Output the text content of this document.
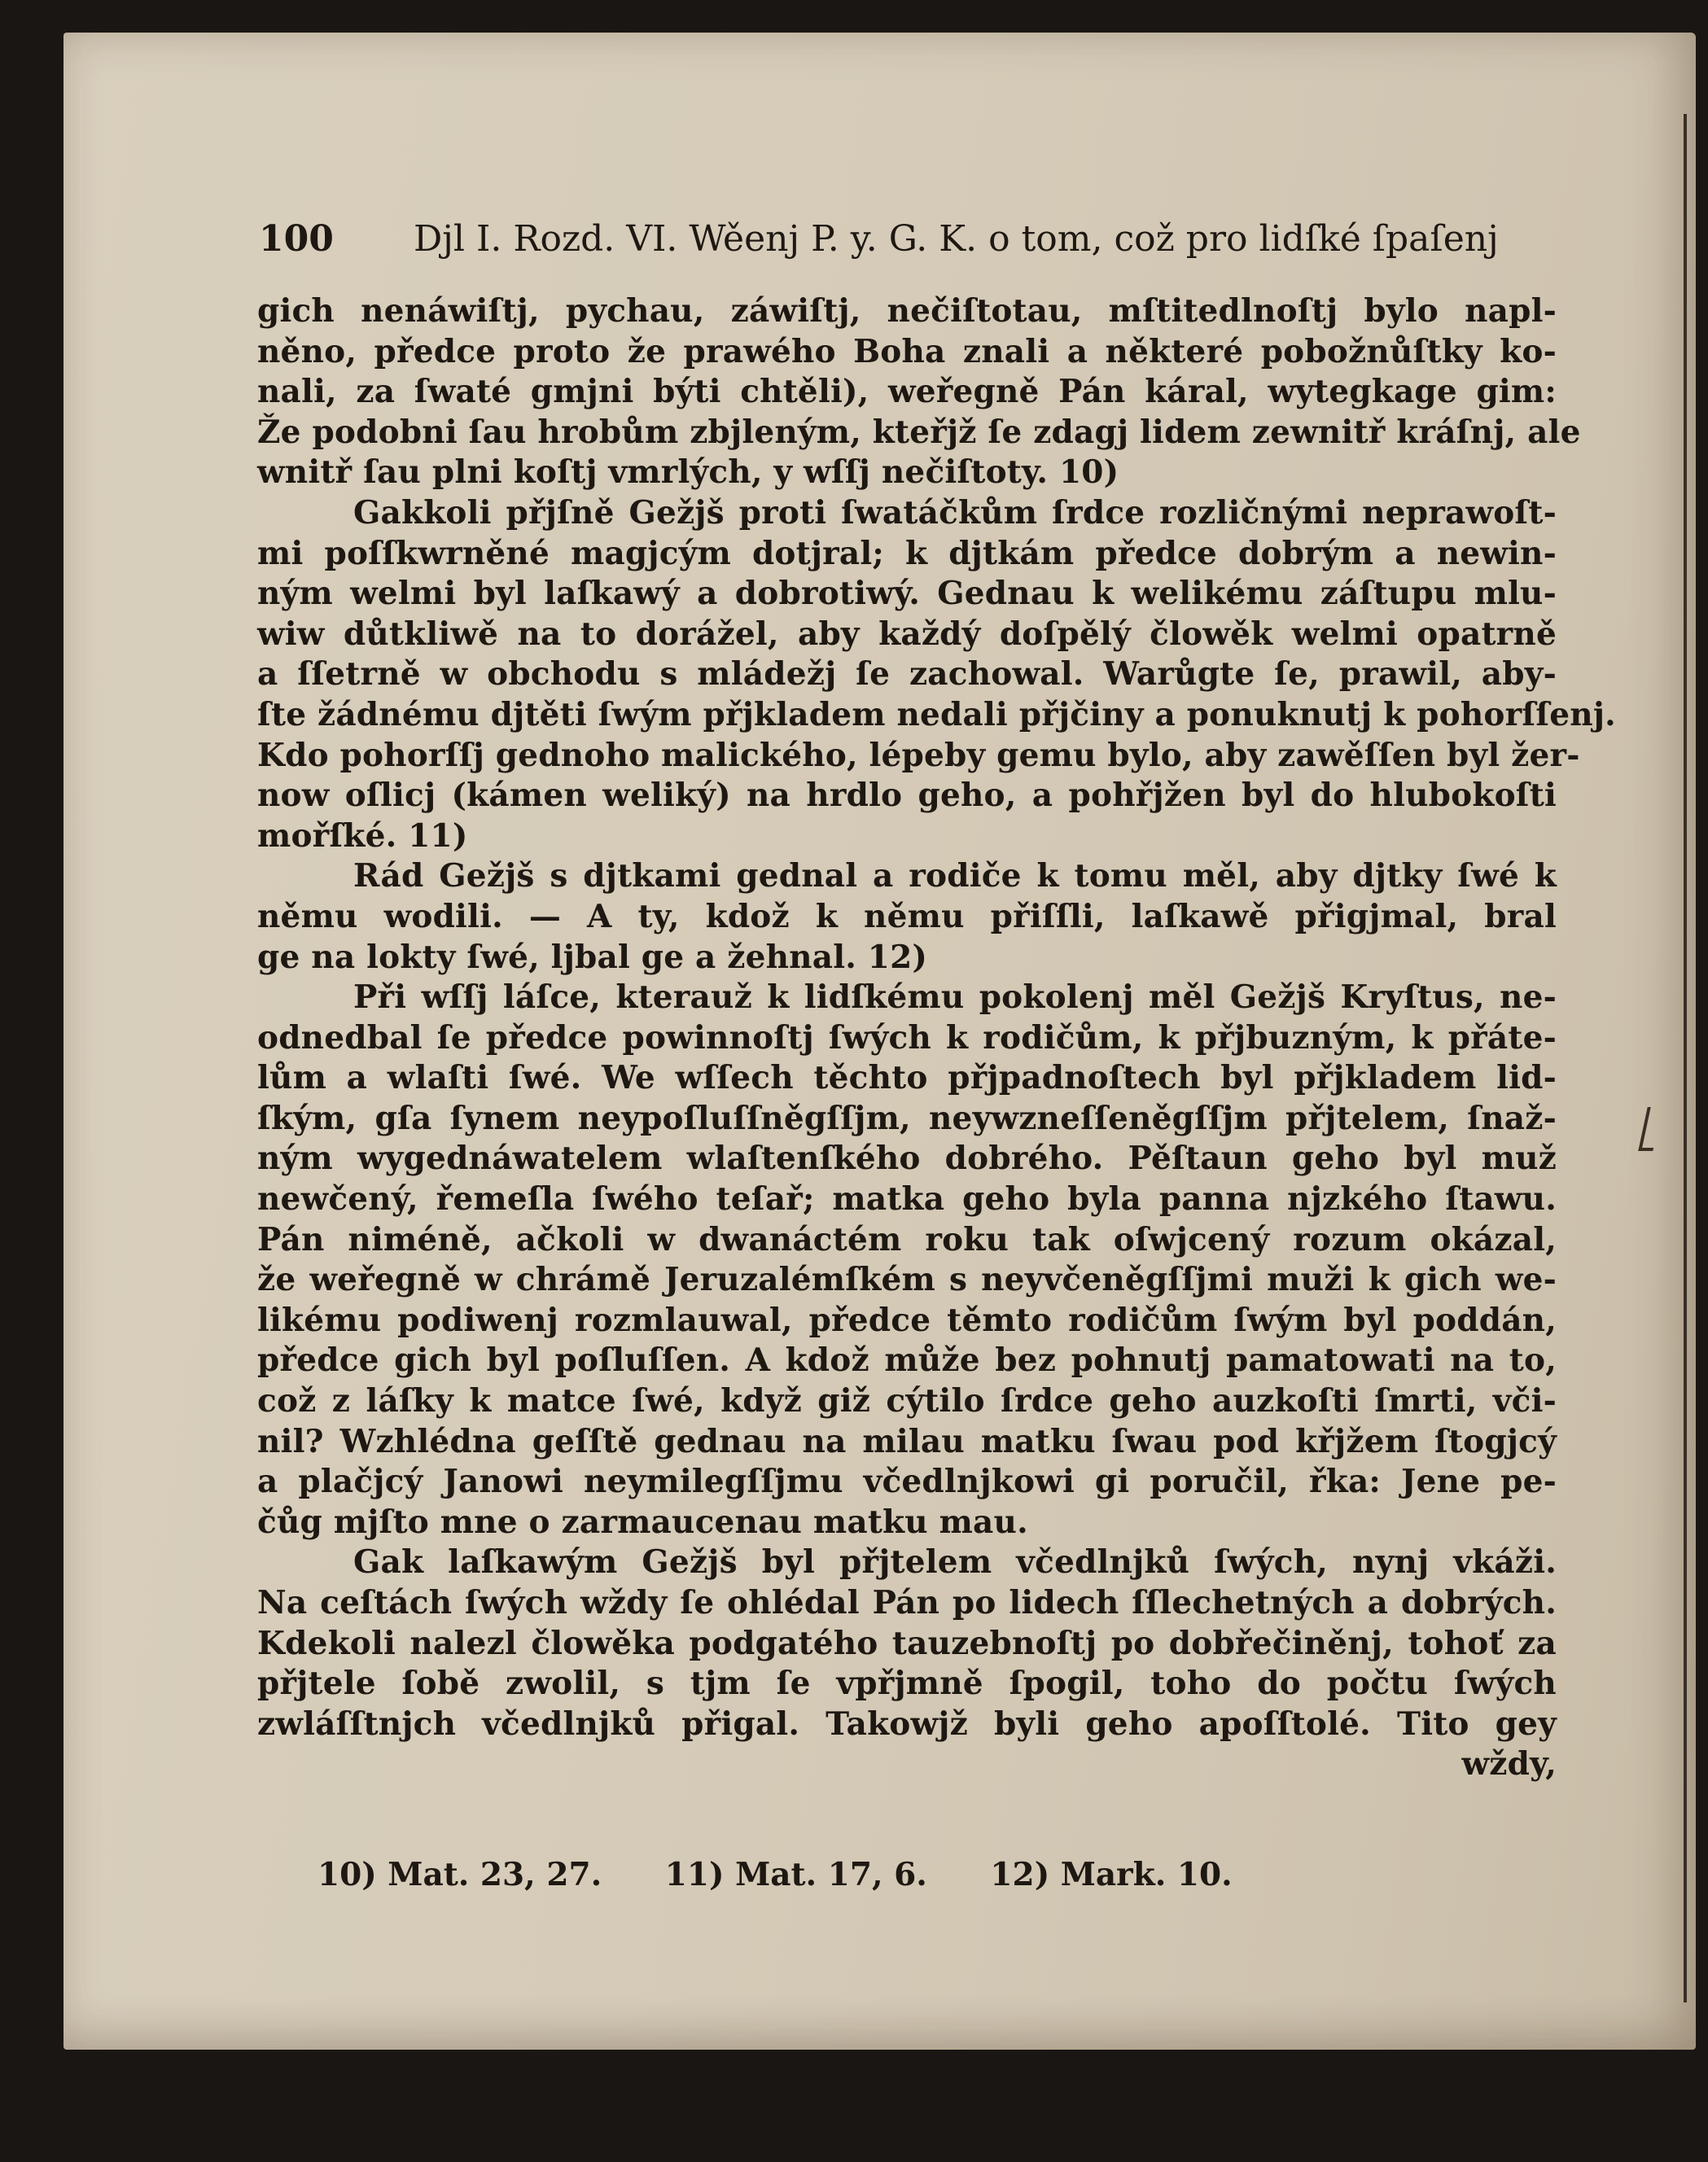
100 Djl I. Rozd. VI. Wěenj P. y. G. K. o tom, což pro lidſké ſpaſenj
gich nenáwiſtj, pychau, záwiſtj, nečiſtotau, mſtitedlnoſtj bylo napl-
něno, předce proto že prawého Boha znali a některé pobožnůſtky ko-
nali, za ſwaté gmjni býti chtěli), weřegně Pán káral, wytegkage gim:
Že podobni ſau hrobům zbjleným, kteřjž ſe zdagj lidem zewnitř kráſnj, ale
wnitř ſau plni koſtj vmrlých, y wſſj nečiſtoty. 10)
Gakkoli přjſně Gežjš proti ſwatáčkům ſrdce rozličnými neprawoſt-
mi poſſkwrněné magjcým dotjral; k djtkám předce dobrým a newin-
ným welmi byl laſkawý a dobrotiwý. Gednau k welikému záſtupu mlu-
wiw důtkliwě na to dorážel, aby každý doſpělý člowěk welmi opatrně
a ſſetrně w obchodu s mládežj ſe zachowal. Warůgte ſe, prawil, aby-
ſte žádnému djtěti ſwým přjkladem nedali přjčiny a ponuknutj k pohorſſenj.
Kdo pohorſſj gednoho malického, lépeby gemu bylo, aby zawěſſen byl žer-
now oſlicj (kámen weliký) na hrdlo geho, a pohřjžen byl do hlubokoſti
mořſké. 11)
Rád Gežjš s djtkami gednal a rodiče k tomu měl, aby djtky ſwé k
němu wodili. — A ty, kdož k němu přiſſli, laſkawě přigjmal, bral
ge na lokty ſwé, ljbal ge a žehnal. 12)
Při wſſj láſce, kterauž k lidſkému pokolenj měl Gežjš Kryſtus, ne-
odnedbal ſe předce powinnoſtj ſwých k rodičům, k přjbuzným, k přáte-
lům a wlaſti ſwé. We wſſech těchto přjpadnoſtech byl přjkladem lid-
ſkým, gſa ſynem neypoſluſſněgſſjm, neywzneſſeněgſſjm přjtelem, ſnaž-
ným wygednáwatelem wlaſtenſkého dobrého. Pěſtaun geho byl muž
newčený, řemeſla ſwého teſař; matka geho byla panna njzkého ſtawu.
Pán niméně, ačkoli w dwanáctém roku tak oſwjcený rozum okázal,
že weřegně w chrámě Jeruzalémſkém s neyvčeněgſſjmi muži k gich we-
likému podiwenj rozmlauwal, předce těmto rodičům ſwým byl poddán,
předce gich byl poſluſſen. A kdož může bez pohnutj pamatowati na to,
což z láſky k matce ſwé, když giž cýtilo ſrdce geho auzkoſti ſmrti, vči-
nil? Wzhlédna geſſtě gednau na milau matku ſwau pod křjžem ſtogjcý
a plačjcý Janowi neymilegſſjmu včedlnjkowi gi poručil, řka: Jene pe-
čůg mjſto mne o zarmaucenau matku mau.
Gak laſkawým Gežjš byl přjtelem včedlnjků ſwých, nynj vkáži.
Na ceſtách ſwých wždy ſe ohlédal Pán po lidech ſſlechetných a dobrých.
Kdekoli nalezl člowěka podgatého tauzebnoſtj po dobřečiněnj, tohoť za
přjtele ſobě zwolil, s tjm ſe vpřjmně ſpogil, toho do počtu ſwých
zwláſſtnjch včedlnjků přigal. Takowjž byli geho apoſſtolé. Tito gey
wždy,
10) Mat. 23, 27. 11) Mat. 17, 6. 12) Mark. 10.
